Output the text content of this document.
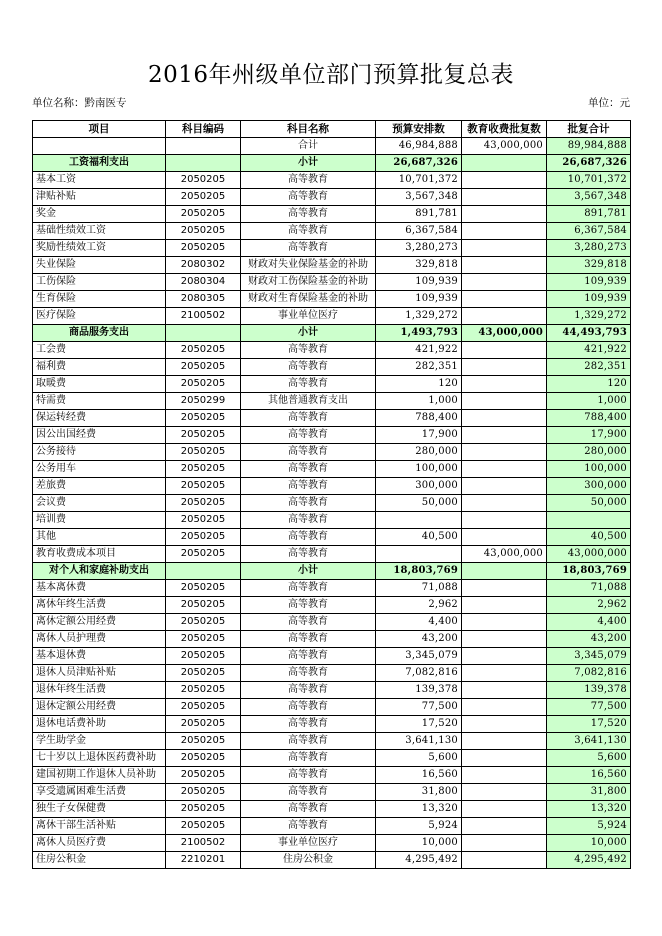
2016年州级单位部门预算批复总表
单位名称：黔南医专	单位：元
项目	科目编码	科目名称	预算安排数	教育收费批复数	批复合计
		合计	46,984,888	43,000,000	89,984,888
工资福利支出		小计	26,687,326		26,687,326
基本工资	2050205	高等教育	10,701,372		10,701,372
津贴补贴	2050205	高等教育	3,567,348		3,567,348
奖金	2050205	高等教育	891,781		891,781
基础性绩效工资	2050205	高等教育	6,367,584		6,367,584
奖励性绩效工资	2050205	高等教育	3,280,273		3,280,273
失业保险	2080302	财政对失业保险基金的补助	329,818		329,818
工伤保险	2080304	财政对工伤保险基金的补助	109,939		109,939
生育保险	2080305	财政对生育保险基金的补助	109,939		109,939
医疗保险	2100502	事业单位医疗	1,329,272		1,329,272
商品服务支出		小计	1,493,793	43,000,000	44,493,793
工会费	2050205	高等教育	421,922		421,922
福利费	2050205	高等教育	282,351		282,351
取暖费	2050205	高等教育	120		120
特需费	2050299	其他普通教育支出	1,000		1,000
保运转经费	2050205	高等教育	788,400		788,400
因公出国经费	2050205	高等教育	17,900		17,900
公务接待	2050205	高等教育	280,000		280,000
公务用车	2050205	高等教育	100,000		100,000
差旅费	2050205	高等教育	300,000		300,000
会议费	2050205	高等教育	50,000		50,000
培训费	2050205	高等教育			
其他	2050205	高等教育	40,500		40,500
教育收费成本项目	2050205	高等教育		43,000,000	43,000,000
对个人和家庭补助支出		小计	18,803,769		18,803,769
基本离休费	2050205	高等教育	71,088		71,088
离休年终生活费	2050205	高等教育	2,962		2,962
离休定额公用经费	2050205	高等教育	4,400		4,400
离休人员护理费	2050205	高等教育	43,200		43,200
基本退休费	2050205	高等教育	3,345,079		3,345,079
退休人员津贴补贴	2050205	高等教育	7,082,816		7,082,816
退休年终生活费	2050205	高等教育	139,378		139,378
退休定额公用经费	2050205	高等教育	77,500		77,500
退休电话费补助	2050205	高等教育	17,520		17,520
学生助学金	2050205	高等教育	3,641,130		3,641,130
七十岁以上退休医药费补助	2050205	高等教育	5,600		5,600
建国初期工作退休人员补助	2050205	高等教育	16,560		16,560
享受遗属困难生活费	2050205	高等教育	31,800		31,800
独生子女保健费	2050205	高等教育	13,320		13,320
离休干部生活补贴	2050205	高等教育	5,924		5,924
离休人员医疗费	2100502	事业单位医疗	10,000		10,000
住房公积金	2210201	住房公积金	4,295,492		4,295,492
